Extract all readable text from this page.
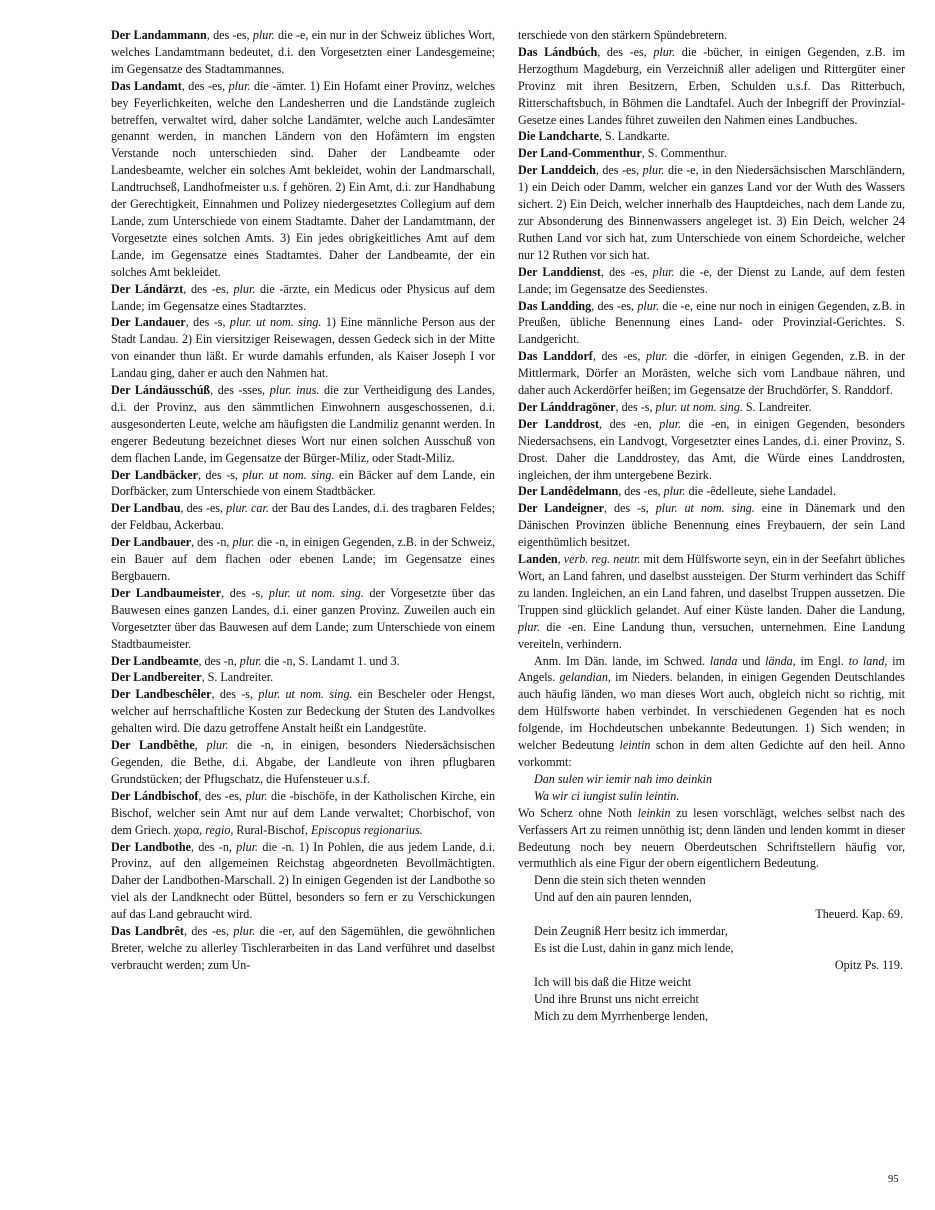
Der Landammann, des -es, plur. die -e, ein nur in der Schweiz übliches Wort, welches Landamtmann bedeutet, d.i. den Vorgesetzten einer Landesgemeine; im Gegensatze des Stadtammannes.

Das Landamt, des -es, plur. die -ämter. 1) Ein Hofamt einer Provinz, welches bey Feyerlichkeiten, welche den Landesherren und die Landstände zugleich betreffen, verwaltet wird, daher solche Landämter, welche auch Landesämter genannt werden, in manchen Ländern von den Hofämtern im engsten Verstande noch unterschieden sind. Daher der Landbeamte oder Landesbeamte, welcher ein solches Amt bekleidet, wohin der Landmarschall, Landtruchseß, Landhofmeister u.s. f gehören. 2) Ein Amt, d.i. zur Handhabung der Gerechtigkeit, Einnahmen und Polizey niedergesetztes Collegium auf dem Lande, zum Unterschiede von einem Stadtamte. Daher der Landamtmann, der Vorgesetzte eines solchen Amts. 3) Ein jedes obrigkeitliches Amt auf dem Lande, im Gegensatze eines Stadtamtes. Daher der Landbeamte, der ein solches Amt bekleidet.

Der Lándärzt, des -es, plur. die -ärzte, ein Medicus oder Physicus auf dem Lande; im Gegensatze eines Stadtarztes.

Der Landauer, des -s, plur. ut nom. sing. 1) Eine männliche Person aus der Stadt Landau. 2) Ein viersitziger Reisewagen, dessen Gedeck sich in der Mitte von einander thun läßt. Er wurde damahls erfunden, als Kaiser Joseph I vor Landau ging, daher er auch den Nahmen hat.

Der Lándäusschúß, des -sses, plur. inus. die zur Vertheidigung des Landes, d.i. der Provinz, aus den sämmtlichen Einwohnern ausgeschossenen, d.i. ausgesonderten Leute, welche am häufigsten die Landmiliz genannt werden. In engerer Bedeutung bezeichnet dieses Wort nur einen solchen Ausschuß von dem flachen Lande, im Gegensatze der Bürger-Miliz, oder Stadt-Miliz.

Der Landbäcker, des -s, plur. ut nom. sing. ein Bäcker auf dem Lande, ein Dorfbäcker, zum Unterschiede von einem Stadtbäcker.

Der Landbau, des -es, plur. car. der Bau des Landes, d.i. des tragbaren Feldes; der Feldbau, Ackerbau.

Der Landbauer, des -n, plur. die -n, in einigen Gegenden, z.B. in der Schweiz, ein Bauer auf dem flachen oder ebenen Lande; im Gegensatze eines Bergbauern.

Der Landbaumeister, des -s, plur. ut nom. sing. der Vorgesetzte über das Bauwesen eines ganzen Landes, d.i. einer ganzen Provinz. Zuweilen auch ein Vorgesetzter über das Bauwesen auf dem Lande; zum Unterschiede von einem Stadtbaumeister.

Der Landbeamte, des -n, plur. die -n, S. Landamt 1. und 3.

Der Landbereiter, S. Landreiter.

Der Landbeschêler, des -s, plur. ut nom. sing. ein Bescheler oder Hengst, welcher auf herrschaftliche Kosten zur Bedeckung der Stuten des Landvolkes gehalten wird. Die dazu getroffene Anstalt heißt ein Landgestüte.

Der Landbêthe, plur. die -n, in einigen, besonders Niedersächsischen Gegenden, die Bethe, d.i. Abgabe, der Landleute von ihren pflugbaren Grundstücken; der Pflugschatz, die Hufensteuer u.s.f.

Der Lándbischof, des -es, plur. die -bischöfe, in der Katholischen Kirche, ein Bischof, welcher sein Amt nur auf dem Lande verwaltet; Chorbischof, von dem Griech. χωρα, regio, Rural-Bischof, Episcopus regionarius.

Der Landbothe, des -n, plur. die -n. 1) In Pohlen, die aus jedem Lande, d.i. Provinz, auf den allgemeinen Reichstag abgeordneten Bevollmächtigten. Daher der Landbothen-Marschall. 2) In einigen Gegenden ist der Landbothe so viel als der Landknecht oder Büttel, besonders so fern er zu Verschickungen auf das Land gebraucht wird.

Das Landbrêt, des -es, plur. die -er, auf den Sägemühlen, die gewöhnlichen Breter, welche zu allerley Tischlerarbeiten in das Land verführet und daselbst verbraucht werden; zum Un-

terschiede von den stärkern Spündebretern.

Das Lándbúch, des -es, plur. die -bücher, in einigen Gegenden, z.B. im Herzogthum Magdeburg, ein Verzeichniß aller adeligen und Rittergüter einer Provinz mit ihren Besitzern, Erben, Schulden u.s.f. Das Ritterbuch, Ritterschaftsbuch, in Böhmen die Landtafel. Auch der Inbegriff der Provinzial-Gesetze eines Landes führet zuweilen den Nahmen eines Landbuches.

Die Landcharte, S. Landkarte.

Der Land-Commenthur, S. Commenthur.

Der Landdeich, des -es, plur. die -e, in den Niedersächsischen Marschländern, 1) ein Deich oder Damm, welcher ein ganzes Land vor der Wuth des Wassers sichert. 2) Ein Deich, welcher innerhalb des Hauptdeiches, nach dem Lande zu, zur Absonderung des Binnenwassers angeleget ist. 3) Ein Deich, welcher 24 Ruthen Land vor sich hat, zum Unterschiede von einem Schordeiche, welcher nur 12 Ruthen vor sich hat.

Der Landdienst, des -es, plur. die -e, der Dienst zu Lande, auf dem festen Lande; im Gegensatze des Seedienstes.

Das Landding, des -es, plur. die -e, eine nur noch in einigen Gegenden, z.B. in Preußen, übliche Benennung eines Land- oder Provinzial-Gerichtes. S. Landgericht.

Das Landdorf, des -es, plur. die -dörfer, in einigen Gegenden, z.B. in der Mittlermark, Dörfer an Morästen, welche sich vom Landbaue nähren, und daher auch Ackerdörfer heißen; im Gegensatze der Bruchdörfer, S. Randdorf.

Der Lánddragöner, des -s, plur. ut nom. sing. S. Landreiter.

Der Landdrost, des -en, plur. die -en, in einigen Gegenden, besonders Niedersachsens, ein Landvogt, Vorgesetzter eines Landes, d.i. einer Provinz, S. Drost. Daher die Landdrostey, das Amt, die Würde eines Landdrosten, ingleichen, der ihm untergebene Bezirk.

Der Landêdelmann, des -es, plur. die -êdelleute, siehe Landadel.

Der Landeigner, des -s, plur. ut nom. sing. eine in Dänemark und den Dänischen Provinzen übliche Benennung eines Freybauern, der sein Land eigenthümlich besitzet.

Landen, verb. reg. neutr. mit dem Hülfsworte seyn, ein in der Seefahrt übliches Wort, an Land fahren, und daselbst aussteigen. Der Sturm verhindert das Schiff zu landen. Ingleichen, an ein Land fahren, und daselbst Truppen aussetzen. Die Truppen sind glücklich gelandet. Auf einer Küste landen. Daher die Landung, plur. die -en. Eine Landung thun, versuchen, unternehmen. Eine Landung vereiteln, verhindern.

Anm. Im Dän. lande, im Schwed. landa und lända, im Engl. to land, im Angels. gelandian, im Nieders. belanden, in einigen Gegenden Deutschlandes auch häufig länden, wo man dieses Wort auch, obgleich nicht so richtig, mit dem Hülfsworte haben verbindet. In verschiedenen Gegenden hat es noch folgende, im Hochdeutschen unbekannte Bedeutungen. 1) Sich wenden; in welcher Bedeutung leintin schon in dem alten Gedichte auf den heil. Anno vorkommt:

Dan sulen wir iemir nah imo deinkin

Wa wir ci iungist sulin leintin.

Wo Scherz ohne Noth leinkin zu lesen vorschlägt, welches selbst nach des Verfassers Art zu reimen unnöthig ist; denn länden und lenden kommt in dieser Bedeutung noch bey neuern Oberdeutschen Schriftstellern häufig vor, vermuthlich als eine Figur der obern eigentlichern Bedeutung.

Denn die stein sich theten wennden

Und auf den ain pauren lennden,

Theuerd. Kap. 69.

Dein Zeugniß Herr besitz ich immerdar,

Es ist die Lust, dahin in ganz mich lende,

Opitz Ps. 119.

Ich will bis daß die Hitze weicht

Und ihre Brunst uns nicht erreicht

Mich zu dem Myrrhenberge lenden,

95
